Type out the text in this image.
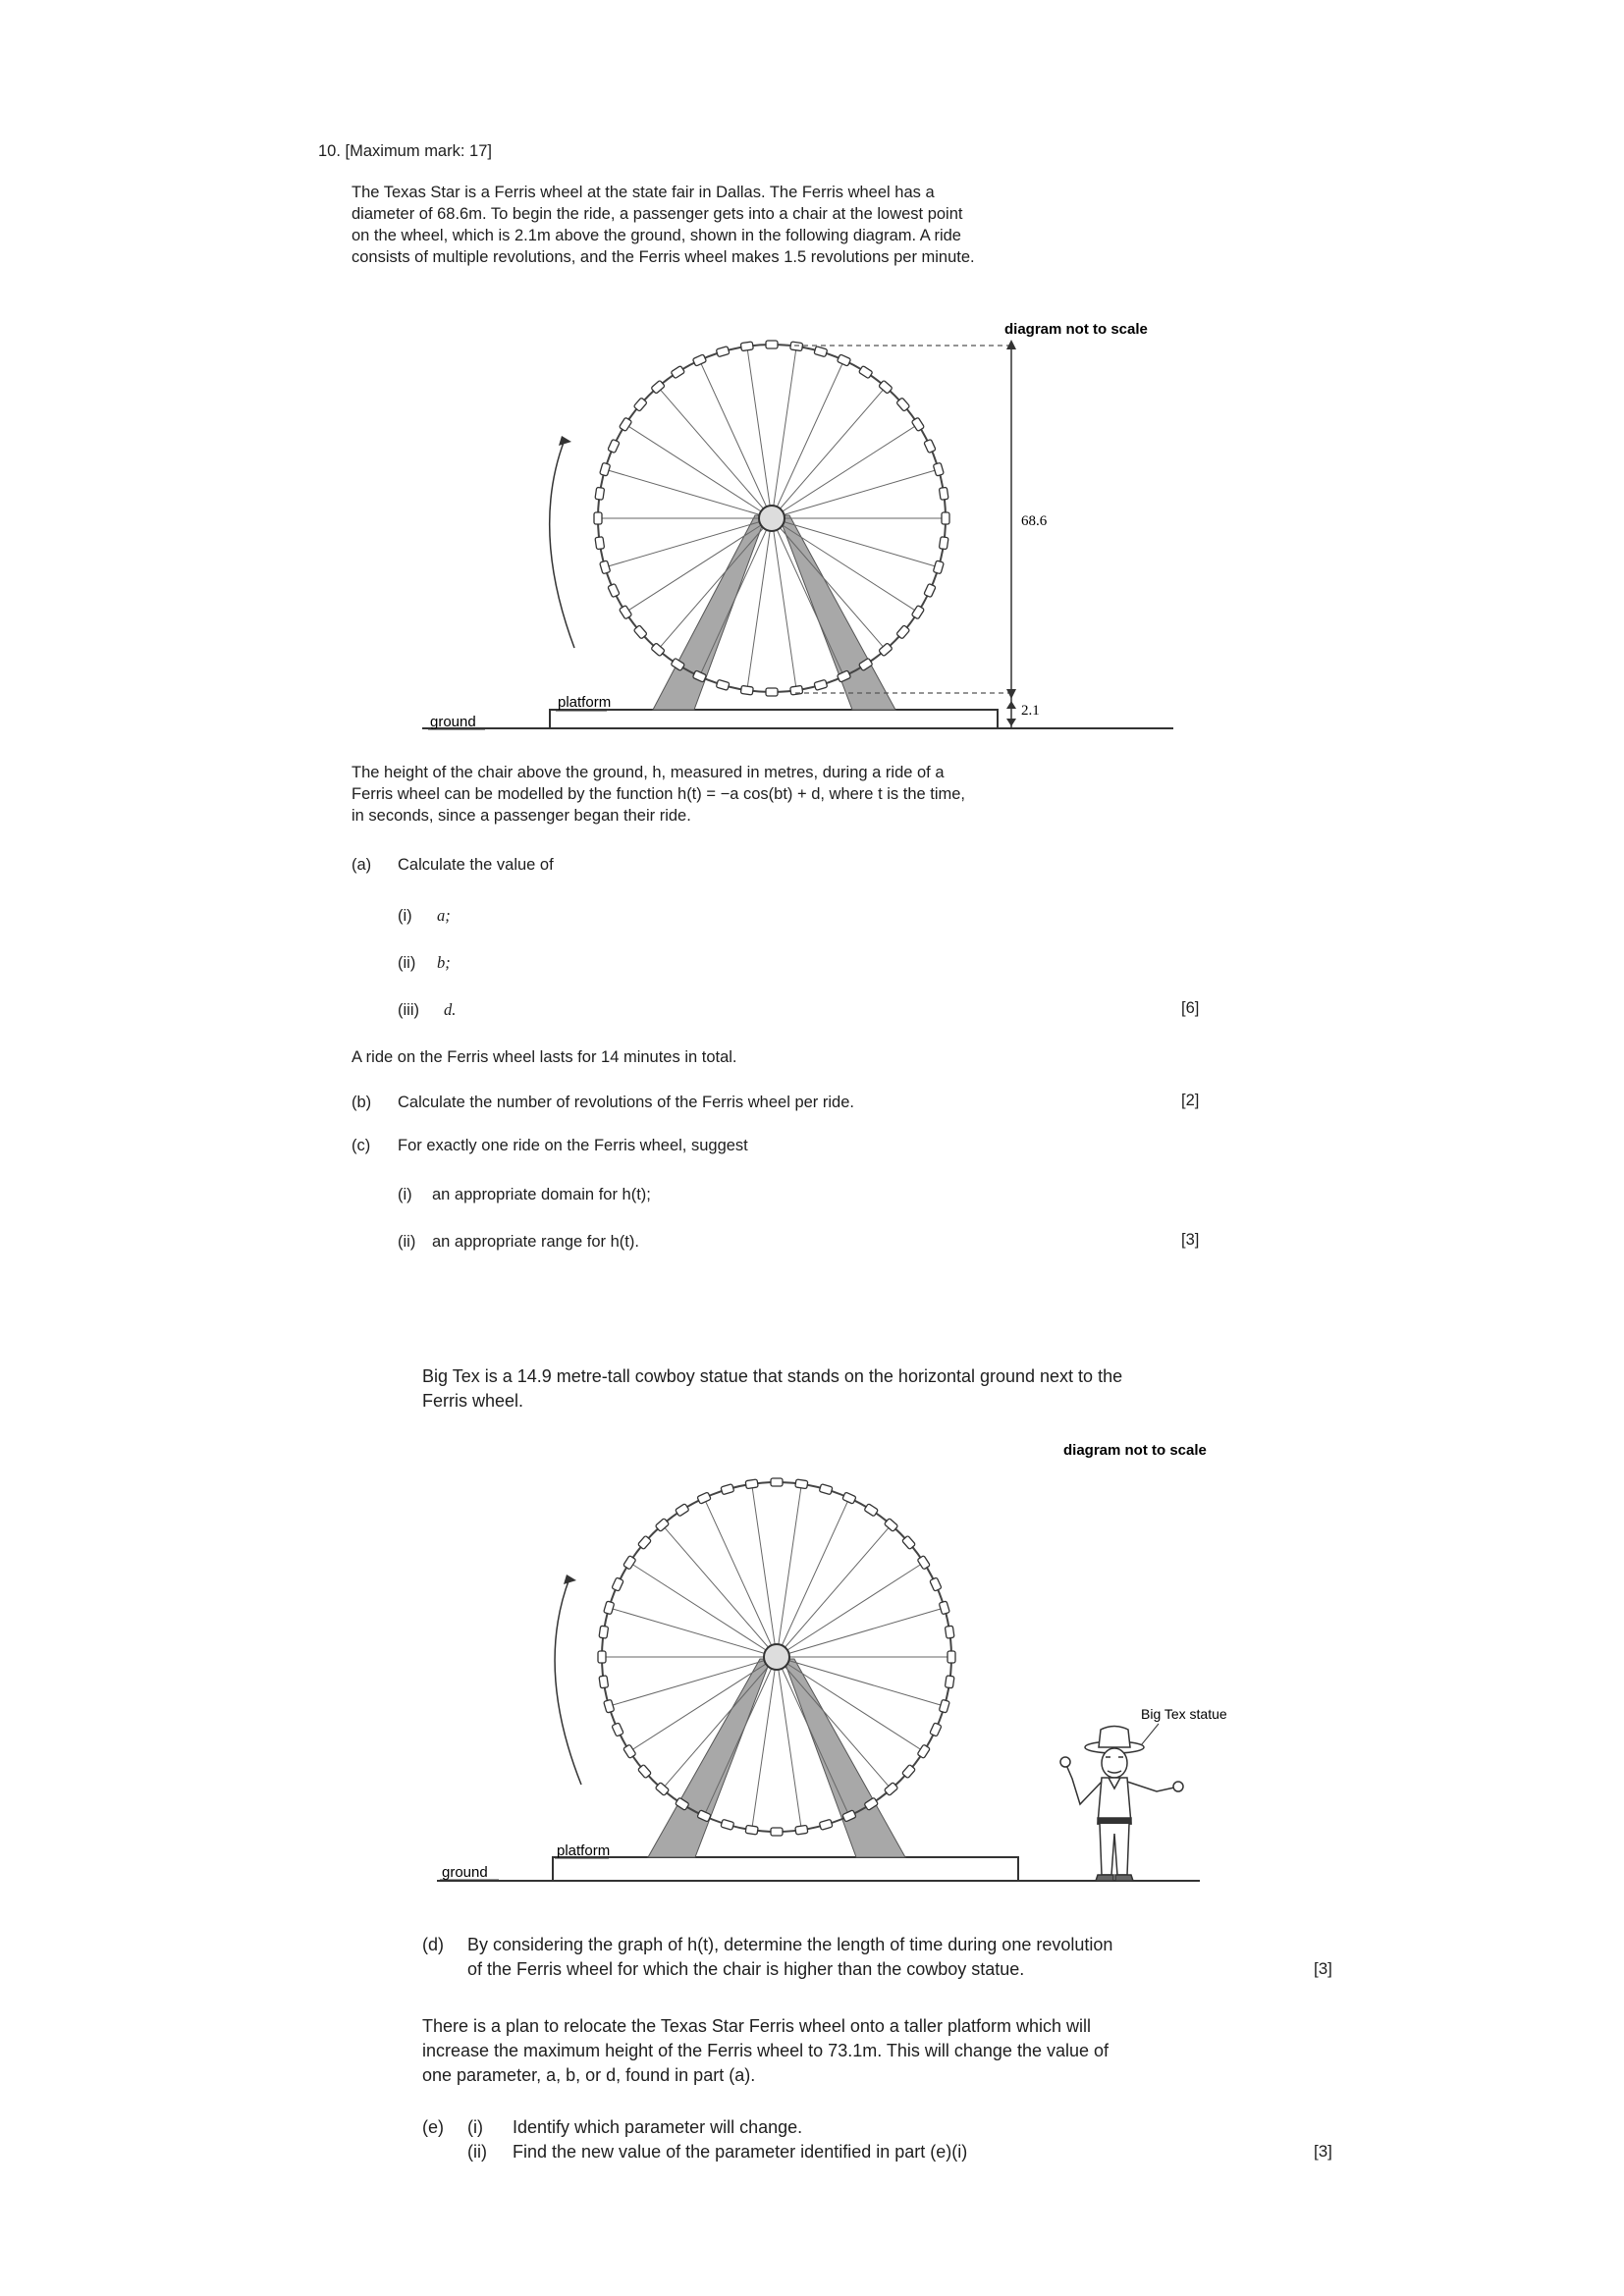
10. [Maximum mark: 17]
The Texas Star is a Ferris wheel at the state fair in Dallas. The Ferris wheel has a
diameter of 68.6m. To begin the ride, a passenger gets into a chair at the lowest point
on the wheel, which is 2.1m above the ground, shown in the following diagram. A ride
consists of multiple revolutions, and the Ferris wheel makes 1.5 revolutions per minute.
diagram not to scale
68.6
2.1
platform
ground
The height of the chair above the ground, h, measured in metres, during a ride of a
Ferris wheel can be modelled by the function h(t) = −a cos(bt) + d, where t is the time,
in seconds, since a passenger began their ride.
(a) Calculate the value of
(i) a;
(ii) b;
(iii) d.	[6]
A ride on the Ferris wheel lasts for 14 minutes in total.
(b) Calculate the number of revolutions of the Ferris wheel per ride.	[2]
(c) For exactly one ride on the Ferris wheel, suggest
(i) an appropriate domain for h(t);
(ii) an appropriate range for h(t).	[3]
Big Tex is a 14.9 metre-tall cowboy statue that stands on the horizontal ground next to the
Ferris wheel.
diagram not to scale
platform
ground
Big Tex statue
(d) By considering the graph of h(t), determine the length of time during one revolution
of the Ferris wheel for which the chair is higher than the cowboy statue.	[3]
There is a plan to relocate the Texas Star Ferris wheel onto a taller platform which will
increase the maximum height of the Ferris wheel to 73.1m. This will change the value of
one parameter, a, b, or d, found in part (a).
(e) (i) Identify which parameter will change.
(ii) Find the new value of the parameter identified in part (e)(i)	[3]
